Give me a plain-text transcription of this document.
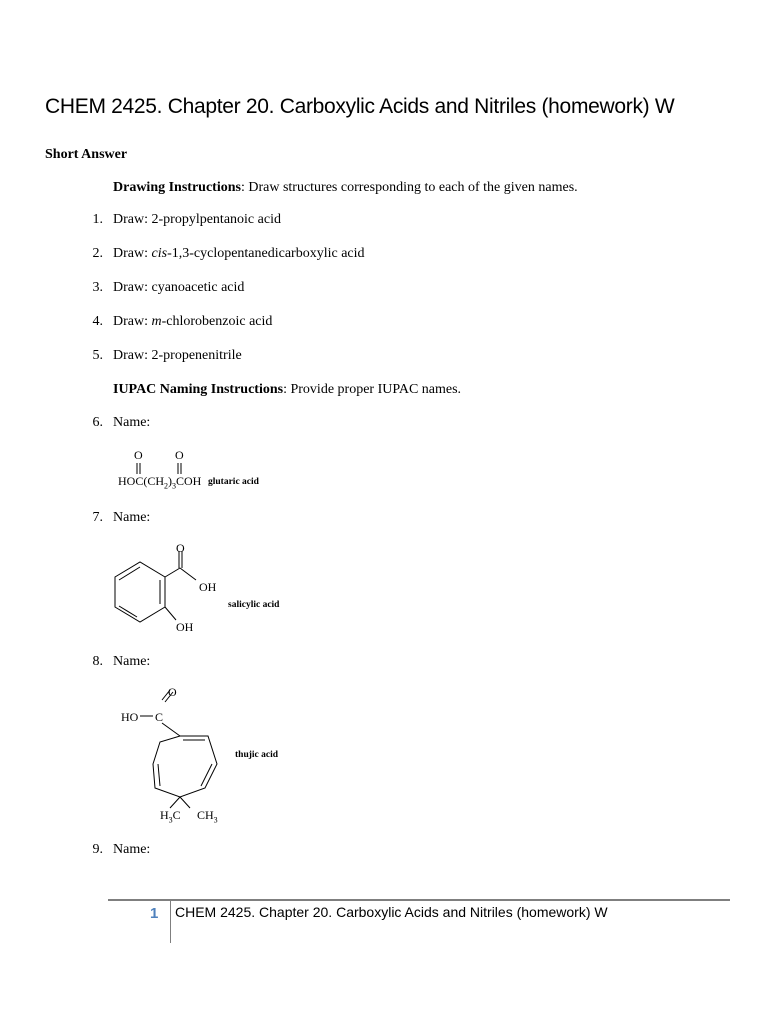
CHEM 2425. Chapter 20. Carboxylic Acids and Nitriles (homework) W
Short Answer
Drawing Instructions: Draw structures corresponding to each of the given names.
1. Draw: 2-propylpentanoic acid
2. Draw: cis-1,3-cyclopentanedicarboxylic acid
3. Draw: cyanoacetic acid
4. Draw: m-chlorobenzoic acid
5. Draw: 2-propenenitrile
IUPAC Naming Instructions: Provide proper IUPAC names.
6. Name:
O	O
$HOC(CH_2)_3COH$ glutaric acid
7. Name:
O
OH
OH
salicylic acid
8. Name:
O
HO C
$H_3C$ $CH_3$
thujic acid
9. Name:
1 CHEM 2425. Chapter 20. Carboxylic Acids and Nitriles (homework) W
